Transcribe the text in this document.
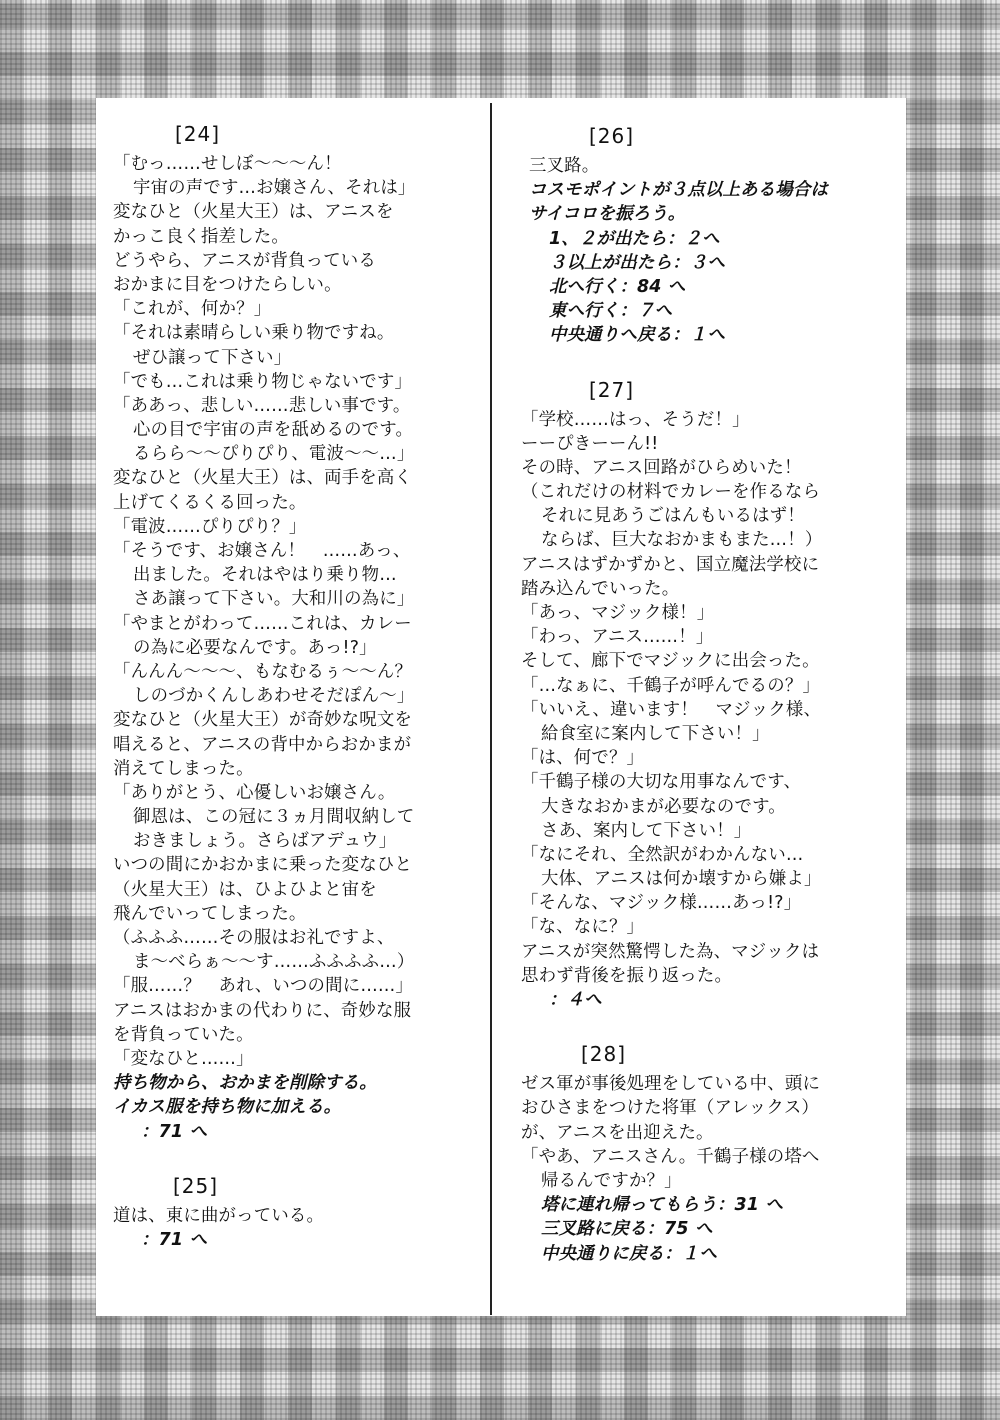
[24]
「むっ……せしぼ～～～ん！
宇宙の声です…お嬢さん、それは」
変なひと（火星大王）は、アニスを
かっこ良く指差した。
どうやら、アニスが背負っている
おかまに目をつけたらしい。
「これが、何か？」
「それは素晴らしい乗り物ですね。
ぜひ譲って下さい」
「でも…これは乗り物じゃないです」
「ああっ、悲しい……悲しい事です。
心の目で宇宙の声を舐めるのです。
るらら～～ぴりぴり、電波～～…」
変なひと（火星大王）は、両手を高く
上げてくるくる回った。
「電波……ぴりぴり？」
「そうです、お嬢さん！　……あっ、
出ました。それはやはり乗り物…
さあ譲って下さい。大和川の為に」
「やまとがわって……これは、カレー
の為に必要なんです。あっ!?」
「んんん～～～、もなむるぅ～～ん？
しのづかくんしあわせそだぽん～」
変なひと（火星大王）が奇妙な呪文を
唱えると、アニスの背中からおかまが
消えてしまった。
「ありがとう、心優しいお嬢さん。
御恩は、この冠に３ヵ月間収納して
おきましょう。さらばアデュウ」
いつの間にかおかまに乗った変なひと
（火星大王）は、ひよひよと宙を
飛んでいってしまった。
（ふふふ……その服はお礼ですよ、
ま～べらぁ～～す……ふふふふ…）
「服……？　あれ、いつの間に……」
アニスはおかまの代わりに、奇妙な服
を背負っていた。
「変なひと……」
持ち物から、おかまを削除する。
イカス服を持ち物に加える。
：71 へ
[25]
道は、東に曲がっている。
：71 へ
[26]
三叉路。
コスモポイントが３点以上ある場合は
サイコロを振ろう。
1、２が出たら：２へ
３以上が出たら：３へ
北へ行く：84 へ
東へ行く：７へ
中央通りへ戻る：１へ
[27]
「学校……はっ、そうだ！」
ーーぴきーーん!!
その時、アニス回路がひらめいた！
（これだけの材料でカレーを作るなら
それに見あうごはんもいるはず！
ならば、巨大なおかまもまた…！）
アニスはずかずかと、国立魔法学校に
踏み込んでいった。
「あっ、マジック様！」
「わっ、アニス……！」
そして、廊下でマジックに出会った。
「…なぁに、千鶴子が呼んでるの？」
「いいえ、違います！　マジック様、
給食室に案内して下さい！」
「は、何で？」
「千鶴子様の大切な用事なんです、
大きなおかまが必要なのです。
さあ、案内して下さい！」
「なにそれ、全然訳がわかんない…
大体、アニスは何か壊すから嫌よ」
「そんな、マジック様……あっ!?」
「な、なに？」
アニスが突然驚愕した為、マジックは
思わず背後を振り返った。
：４へ
[28]
ゼス軍が事後処理をしている中、頭に
おひさまをつけた将軍（アレックス）
が、アニスを出迎えた。
「やあ、アニスさん。千鶴子様の塔へ
帰るんですか？」
塔に連れ帰ってもらう：31 へ
三叉路に戻る：75 へ
中央通りに戻る：１へ
